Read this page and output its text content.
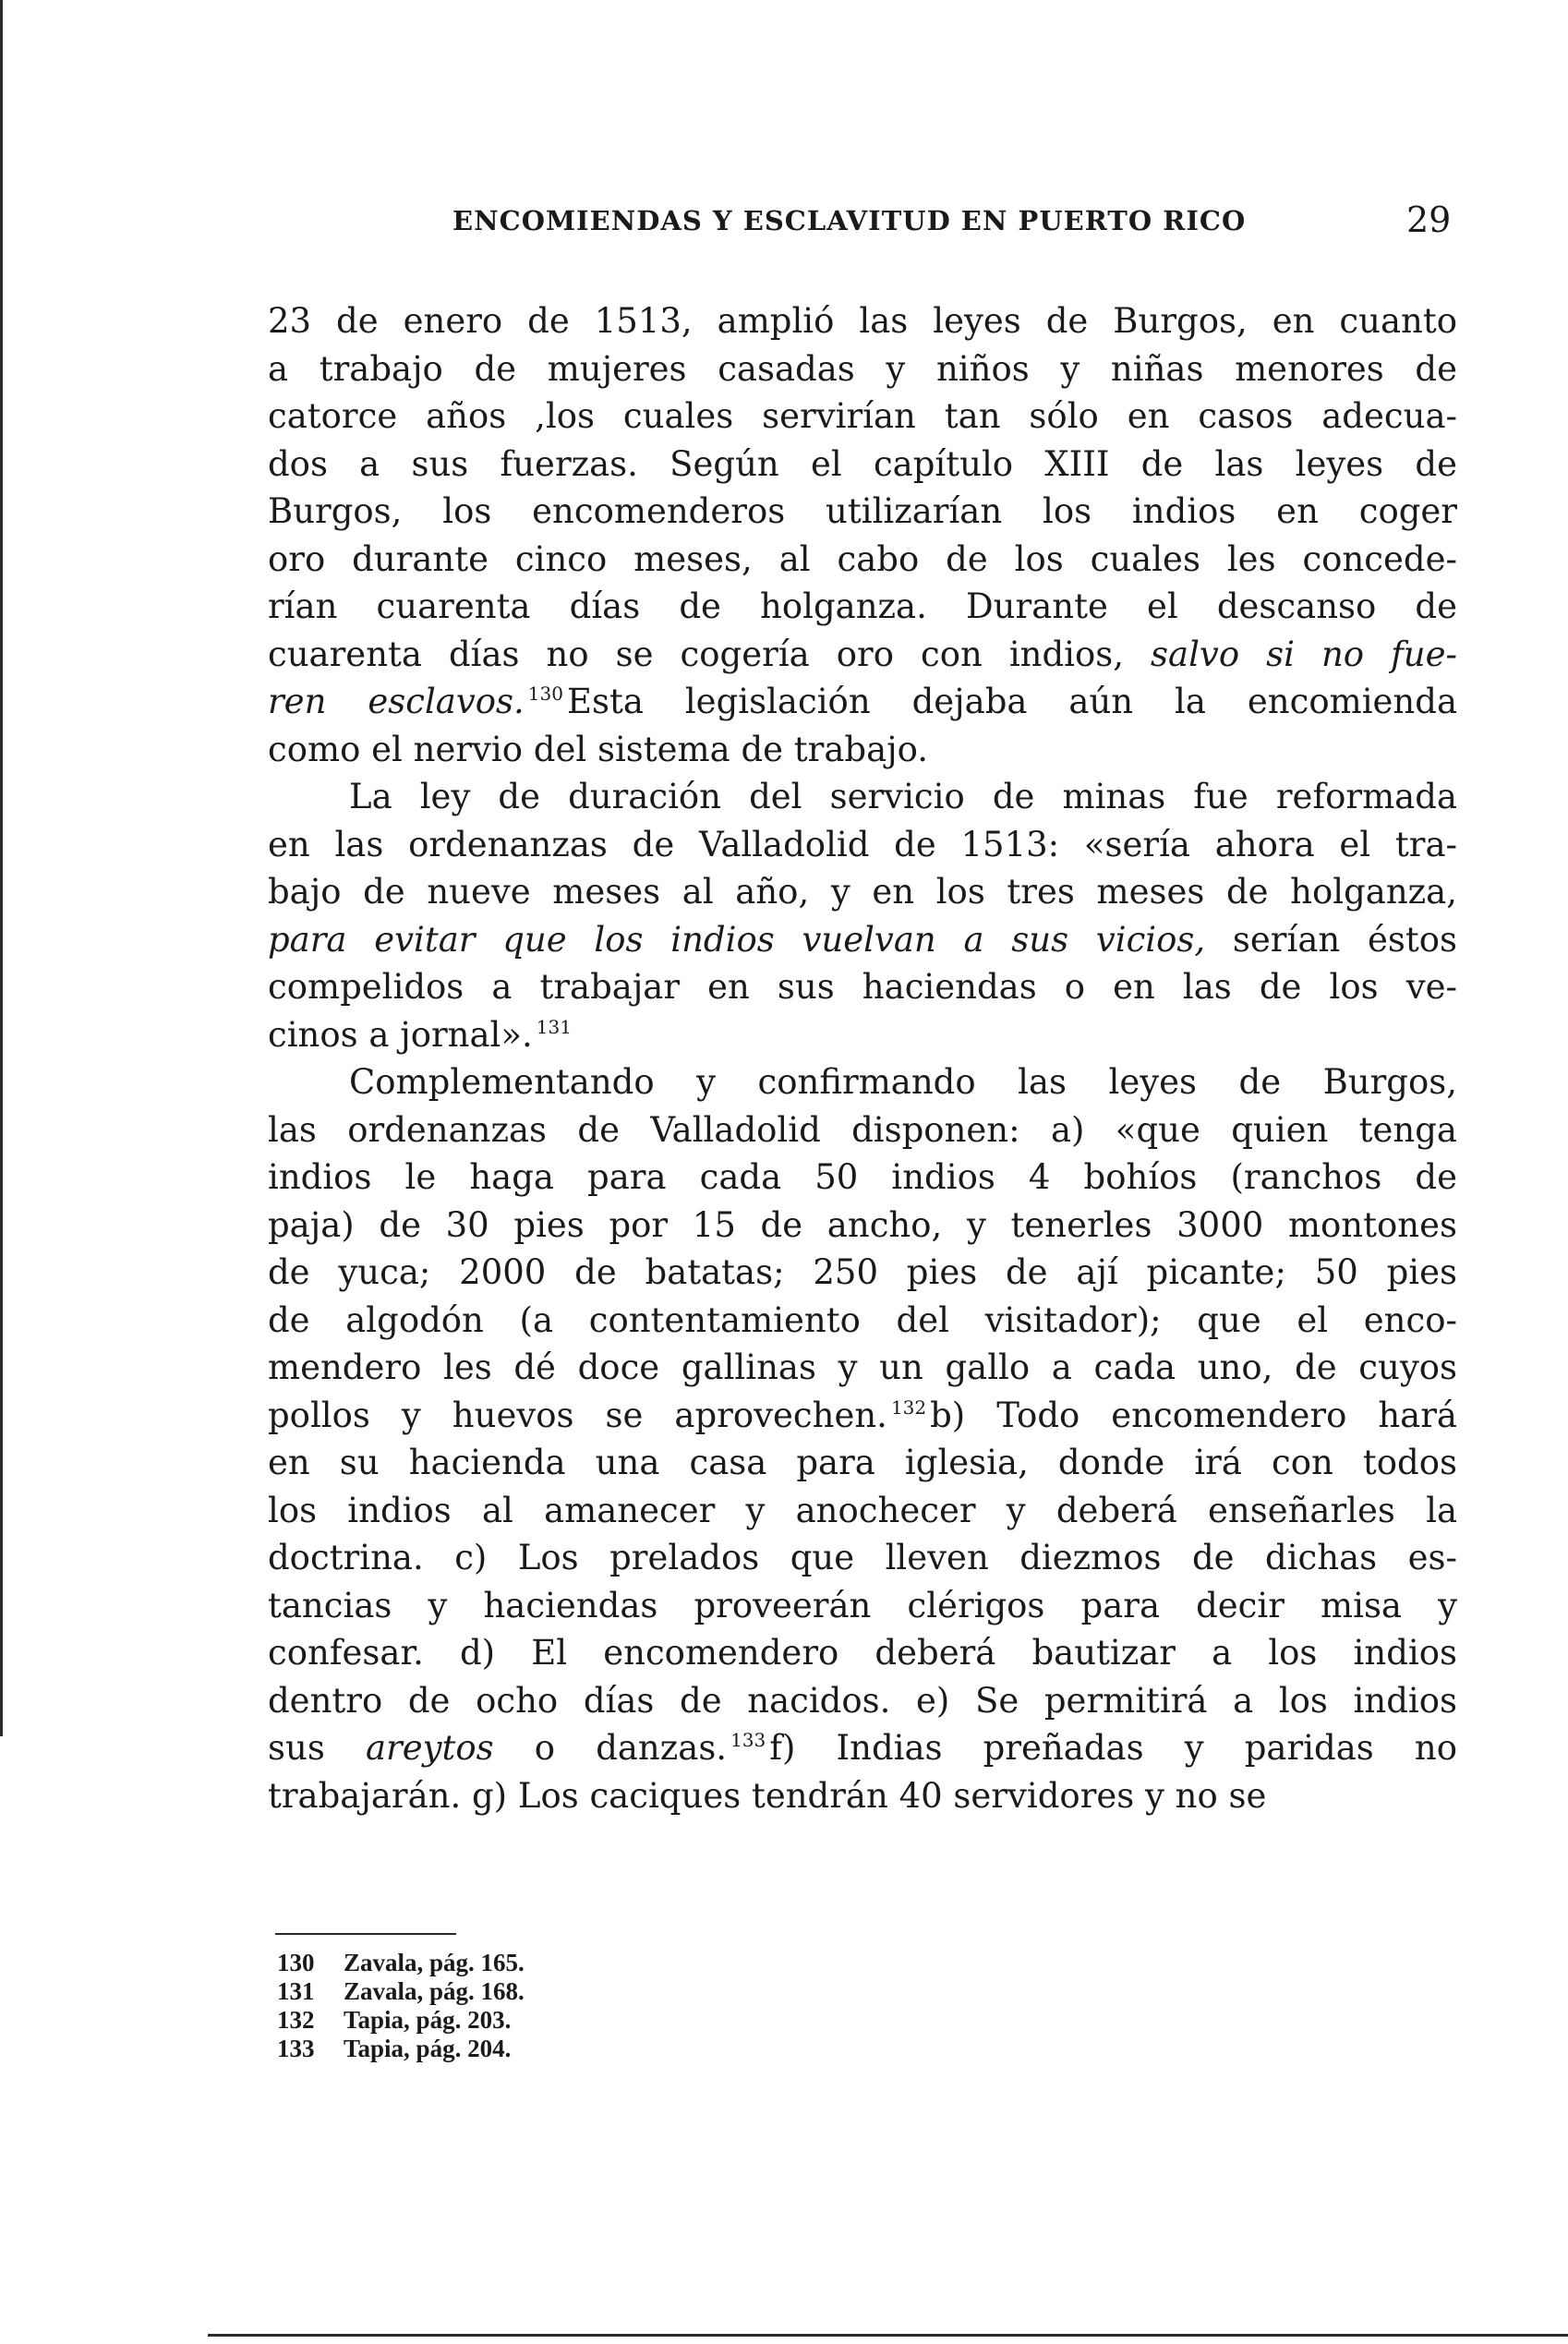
ENCOMIENDAS Y ESCLAVITUD EN PUERTO RICO	29
23 de enero de 1513, amplió las leyes de Burgos, en cuanto
a trabajo de mujeres casadas y niños y niñas menores de
catorce años ,los cuales servirían tan sólo en casos adecua-
dos a sus fuerzas. Según el capítulo XIII de las leyes de
Burgos, los encomenderos utilizarían los indios en coger
oro durante cinco meses, al cabo de los cuales les concede-
rían cuarenta días de holganza. Durante el descanso de
cuarenta días no se cogería oro con indios, salvo si no fue-
ren esclavos. $^{130}$ Esta legislación dejaba aún la encomienda
como el nervio del sistema de trabajo.
La ley de duración del servicio de minas fue reformada
en las ordenanzas de Valladolid de 1513: «sería ahora el tra-
bajo de nueve meses al año, y en los tres meses de holganza,
para evitar que los indios vuelvan a sus vicios, serían éstos
compelidos a trabajar en sus haciendas o en las de los ve-
cinos a jornal». $^{131}$
Complementando y confirmando las leyes de Burgos,
las ordenanzas de Valladolid disponen: a) «que quien tenga
indios le haga para cada 50 indios 4 bohíos (ranchos de
paja) de 30 pies por 15 de ancho, y tenerles 3000 montones
de yuca; 2000 de batatas; 250 pies de ají picante; 50 pies
de algodón (a contentamiento del visitador); que el enco-
mendero les dé doce gallinas y un gallo a cada uno, de cuyos
pollos y huevos se aprovechen. $^{132}$ b) Todo encomendero hará
en su hacienda una casa para iglesia, donde irá con todos
los indios al amanecer y anochecer y deberá enseñarles la
doctrina. c) Los prelados que lleven diezmos de dichas es-
tancias y haciendas proveerán clérigos para decir misa y
confesar. d) El encomendero deberá bautizar a los indios
dentro de ocho días de nacidos. e) Se permitirá a los indios
sus areytos o danzas. $^{133}$ f) Indias preñadas y paridas no
trabajarán. g) Los caciques tendrán 40 servidores y no se
130 Zavala, pág. 165.
131 Zavala, pág. 168.
132 Tapia, pág. 203.
133 Tapia, pág. 204.
